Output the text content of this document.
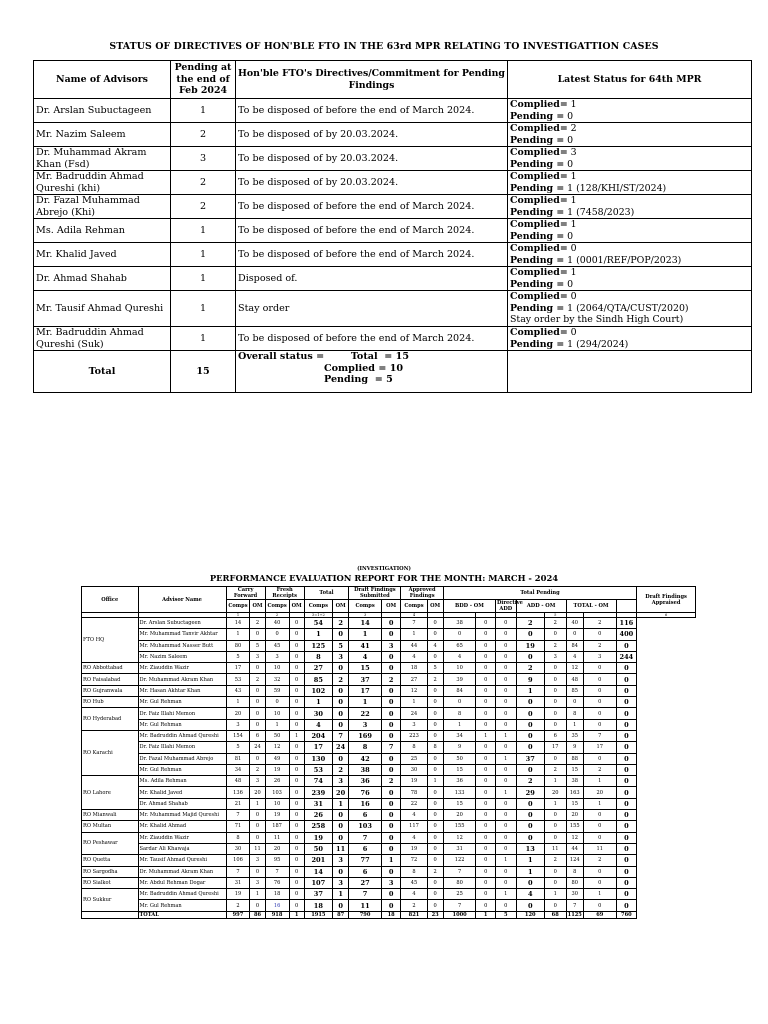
STATUS OF DIRECTIVES OF HON'BLE FTO IN THE 63rd MPR RELATING TO INVESTIGATTION CASES
Name of Advisors	Pending at the end of Feb 2024	Hon'ble FTO's Directives/Commitment for Pending Findings	Latest Status for 64th MPR
Dr. Arslan Subuctageen	1	To be disposed of before the end of March 2024.	Complied= 1
Pending = 0

Mr. Nazim Saleem	2	To be disposed of by 20.03.2024.	Complied= 2
Pending = 0

Dr. Muhammad Akram Khan (Fsd)	3	To be disposed of by 20.03.2024.	Complied= 3
Pending = 0

Mr. Badruddin Ahmad Qureshi (khi)	2	To be disposed of by 20.03.2024.	Complied= 1
Pending = 1 (128/KHI/ST/2024)

Dr. Fazal Muhammad Abrejo (Khi)	2	To be disposed of before the end of March 2024.	Complied= 1
Pending = 1 (7458/2023)

Ms. Adila Rehman	1	To be disposed of before the end of March 2024.	Complied= 1
Pending = 0

Mr. Khalid Javed	1	To be disposed of before the end of March 2024.	Complied= 0
Pending = 1 (0001/REF/POP/2023)

Dr. Ahmad Shahab	1	Disposed of.	Complied= 1
Pending = 0

Mr. Tausif Ahmad Qureshi	1	Stay order	Complied= 0
Pending = 1 (2064/QTA/CUST/2020)
Stay order by the Sindh High Court)

Mr. Badruddin Ahmad Qureshi (Suk)	1	To be disposed of before the end of March 2024.	Complied= 0
Pending = 1 (294/2024)

Total	15	Overall status =        Total  = 15
Complied = 10
Pending  = 5	

(INVESTIGATION)
PERFORMANCE EVALUATION REPORT FOR THE MONTH: MARCH - 2024
Office	Advisor Name	Carry Forward		Fresh Receipts		Total		Draft Findings Submitted		Approved Findings		Total Pending								Draft Findings Appraised
		Comps	OM	Comps	OM	Comps	OM	Comps	OM	Comps	OM	BDD - OM		Directive ADD	ADD - OM		TOTAL - OM		
		1		2		3=1+2		3		4						5				6
FTO HQ	Dr. Arslan Subuctageen	14	2	40	0	54	2	14	0	7	0	38	0	0	2	2	40	2	116	
	Mr. Muhammad Tanvir Akhtar	1	0	0	0	1	0	1	0	1	0	0	0	0	0	0	0	0	400	
	Mr. Muhammad Nasser Butt	80	5	45	0	125	5	41	3	44	4	65	0	0	19	2	84	2	0	
	Mr. Nazim Saleem	5	3	3	0	8	3	4	0	4	0	4	0	0	0	3	4	3	244	
RO Abbottabad	Mr. Ziauddin Wazir	17	0	10	0	27	0	15	0	18	5	10	0	0	2	0	12	0	0	
RO Faisalabad	Dr. Muhammad Akram Khan	53	2	32	0	85	2	37	2	27	2	39	0	0	9	0	48	0	0	
RO Gujranwala	Mr. Hasan Akhtar Khan	43	0	59	0	102	0	17	0	12	0	84	0	0	1	0	85	0	0	
RO Hub	Mr. Gul Rehman	1	0	0	0	1	0	1	0	1	0	0	0	0	0	0	0	0	0	
RO Hyderabad	Dr. Faiz Illahi Memon	20	0	10	0	30	0	22	0	24	0	8	0	0	0	0	8	0	0	
	Mr. Gul Rehman	3	0	1	0	4	0	3	0	3	0	1	0	0	0	0	1	0	0	
RO Karachi	Mr. Badruddin Ahmad Qureshi	154	6	50	1	204	7	169	0	223	0	34	1	1	0	6	35	7	0	
	Dr. Faiz Illahi Memon	5	24	12	0	17	24	8	7	8	8	9	0	0	0	17	9	17	0	
	Dr. Fazal Muhammad Abrejo	81	0	49	0	130	0	42	0	25	0	50	0	1	37	0	88	0	0	
	Mr. Gul Rehman	34	2	19	0	53	2	38	0	30	0	15	0	0	0	2	15	2	0	
RO Lahore	Ms. Adila Rehman	48	3	26	0	74	3	36	2	19	1	36	0	0	2	1	38	1	0	
	Mr. Khalid Javed	136	20	103	0	239	20	76	0	78	0	133	0	1	29	20	163	20	0	
	Dr. Ahmad Shahab	21	1	10	0	31	1	16	0	22	0	15	0	0	0	1	15	1	0	
RO Mianwali	Mr. Muhammad Majid Qureshi	7	0	19	0	26	0	6	0	4	0	20	0	0	0	0	20	0	0	
RO Multan	Mr. Khalid Ahmad	71	0	187	0	258	0	103	0	117	0	155	0	0	0	0	155	0	0	
RO Peshawar	Mr. Ziauddin Wazir	8	0	11	0	19	0	7	0	4	0	12	0	0	0	0	12	0	0	
	Sardar Ali Khawaja	30	11	20	0	50	11	6	0	19	0	31	0	0	13	11	44	11	0	
RO Quetta	Mr. Tausif Ahmad Qureshi	106	3	95	0	201	3	77	1	72	0	122	0	1	1	2	124	2	0	
RO Sargodha	Dr. Muhammad Akram Khan	7	0	7	0	14	0	6	0	8	2	7	0	0	1	0	8	0	0	
RO Sialkot	Mr. Abdul Rehman Dogar	31	3	76	0	107	3	27	3	45	0	80	0	0	0	0	80	0	0	
RO Sukkur	Mr. Badruddin Ahmad Qureshi	19	1	18	0	37	1	7	0	4	0	25	0	1	4	1	30	1	0	
	Mr. Gul Rehman	2	0	16	0	18	0	11	0	2	0	7	0	0	0	0	7	0	0	
	TOTAL	997	86	918	1	1915	87	790	18	821	23	1000	1	5	120	68	1125	69	760	
